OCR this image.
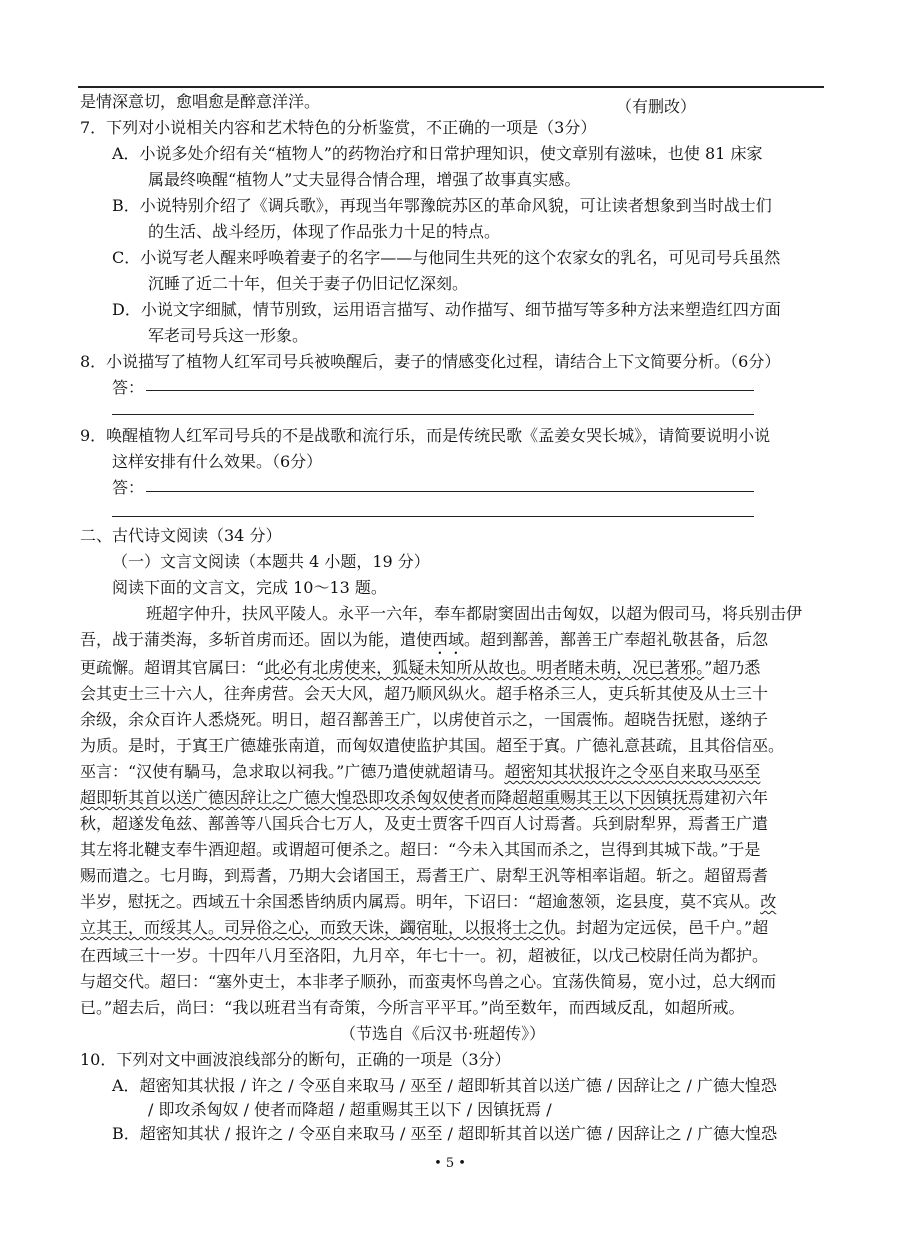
是情深意切，愈唱愈是醉意洋洋。	（有删改）
7．下列对小说相关内容和艺术特色的分析鉴赏，不正确的一项是（3分）
A．小说多处介绍有关“植物人”的药物治疗和日常护理知识，使文章别有滋味，也使 81 床家
属最终唤醒“植物人”丈夫显得合情合理，增强了故事真实感。
B．小说特别介绍了《调兵歌》，再现当年鄂豫皖苏区的革命风貌，可让读者想象到当时战士们
的生活、战斗经历，体现了作品张力十足的特点。
C．小说写老人醒来呼唤着妻子的名字——与他同生共死的这个农家女的乳名，可见司号兵虽然
沉睡了近二十年，但关于妻子仍旧记忆深刻。
D．小说文字细腻，情节別致，运用语言描写、动作描写、细节描写等多种方法来塑造红四方面
军老司号兵这一形象。
8．小说描写了植物人红军司号兵被唤醒后，妻子的情感变化过程，请结合上下文简要分析。（6分）
答：
9．唤醒植物人红军司号兵的不是战歌和流行乐，而是传统民歌《孟姜女哭长城》，请简要说明小说
这样安排有什么效果。（6分）
答：
二、古代诗文阅读（34 分）
（一）文言文阅读（本题共 4 小题，19 分）
阅读下面的文言文，完成 10～13 题。
班超字仲升，扶风平陵人。永平一六年，奉车都尉窦固出击匈奴，以超为假司马，将兵别击伊
吾，战于蒲类海，多斩首虏而还。固以为能，遣使西域。超到鄯善，鄯善王广奉超礼敬甚备，后忽
更疏懈。超谓其官属曰：“此必有北虏使来，狐疑未知所从故也。明者睹未萌，况已著邪。”超乃悉
会其吏士三十六人，往奔虏营。会天大风，超乃顺风纵火。超手格杀三人，吏兵斩其使及从士三十
余级，余众百许人悉烧死。明日，超召鄯善王广，以虏使首示之，一国震怖。超晓告抚慰，遂纳子
为质。是时，于寘王广德雄张南道，而匈奴遣使监护其国。超至于寘。广德礼意甚疏，且其俗信巫。
巫言：“汉使有騧马，急求取以祠我。”广德乃遣使就超请马。超密知其状报许之令巫自来取马巫至
超即斩其首以送广德因辞让之广德大惶恐即攻杀匈奴使者而降超超重赐其王以下因镇抚焉建初六年
秋，超遂发龟兹、鄯善等八国兵合七万人，及吏士贾客千四百人讨焉耆。兵到尉犁界，焉耆王广遣
其左将北鞬支奉牛酒迎超。或谓超可便杀之。超曰：“今未入其国而杀之，岂得到其城下哉。”于是
赐而遣之。七月晦，到焉耆，乃期大会诸国王，焉耆王广、尉犁王汎等相率诣超。斩之。超留焉耆
半岁，慰抚之。西域五十余国悉皆纳质内属焉。明年，下诏曰：“超逾葱领，迄县度，莫不宾从。改
立其王，而绥其人。司异俗之心，而致天诛，蠲宿耻，以报将士之仇。封超为定远侯，邑千户。”超
在西域三十一岁。十四年八月至洛阳，九月卒，年七十一。初，超被征，以戊己校尉任尚为都护。
与超交代。超曰：“塞外吏士，本非孝子顺孙，而蛮夷怀鸟兽之心。宜荡佚简易，宽小过，总大纲而
已。”超去后，尚曰：“我以班君当有奇策，今所言平平耳。”尚至数年，而西域反乱，如超所戒。
（节选自《后汉书·班超传》）
10．下列对文中画波浪线部分的断句，正确的一项是（3分）
A．超密知其状报 / 许之 / 令巫自来取马 / 巫至 / 超即斩其首以送广德 / 因辞让之 / 广德大惶恐
/ 即攻杀匈奴 / 使者而降超 / 超重赐其王以下 / 因镇抚焉 /
B．超密知其状 / 报许之 / 令巫自来取马 / 巫至 / 超即斩其首以送广德 / 因辞让之 / 广德大惶恐
• 5 •
